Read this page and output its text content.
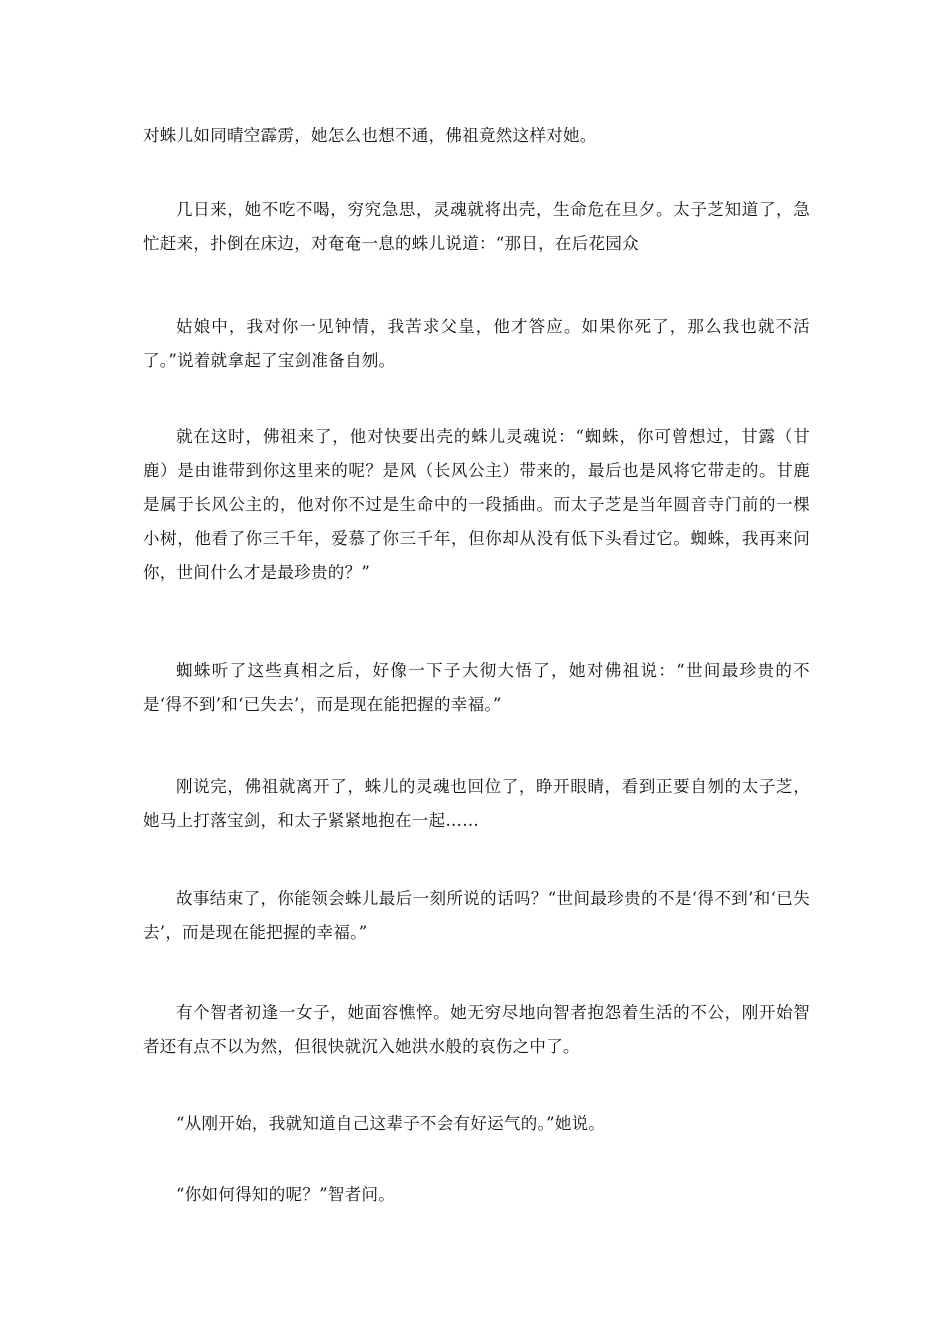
对蛛儿如同晴空霹雳，她怎么也想不通，佛祖竟然这样对她。

几日来，她不吃不喝，穷究急思，灵魂就将出壳，生命危在旦夕。太子芝知道了，急忙赶来，扑倒在床边，对奄奄一息的蛛儿说道：“那日，在后花园众

姑娘中，我对你一见钟情，我苦求父皇，他才答应。如果你死了，那么我也就不活了。”说着就拿起了宝剑准备自刎。

就在这时，佛祖来了，他对快要出壳的蛛儿灵魂说：“蜘蛛，你可曾想过，甘露（甘鹿）是由谁带到你这里来的呢？是风（长风公主）带来的，最后也是风将它带走的。甘鹿是属于长风公主的，他对你不过是生命中的一段插曲。而太子芝是当年圆音寺门前的一棵小树，他看了你三千年，爱慕了你三千年，但你却从没有低下头看过它。蜘蛛，我再来问你，世间什么才是最珍贵的？”

蜘蛛听了这些真相之后，好像一下子大彻大悟了，她对佛祖说：“世间最珍贵的不是‘得不到’和‘已失去’，而是现在能把握的幸福。”

刚说完，佛祖就离开了，蛛儿的灵魂也回位了，睁开眼睛，看到正要自刎的太子芝，她马上打落宝剑，和太子紧紧地抱在一起……

故事结束了，你能领会蛛儿最后一刻所说的话吗？“世间最珍贵的不是‘得不到’和‘已失去’，而是现在能把握的幸福。”

有个智者初逢一女子，她面容憔悴。她无穷尽地向智者抱怨着生活的不公，刚开始智者还有点不以为然，但很快就沉入她洪水般的哀伤之中了。

“从刚开始，我就知道自己这辈子不会有好运气的。”她说。

“你如何得知的呢？”智者问。
